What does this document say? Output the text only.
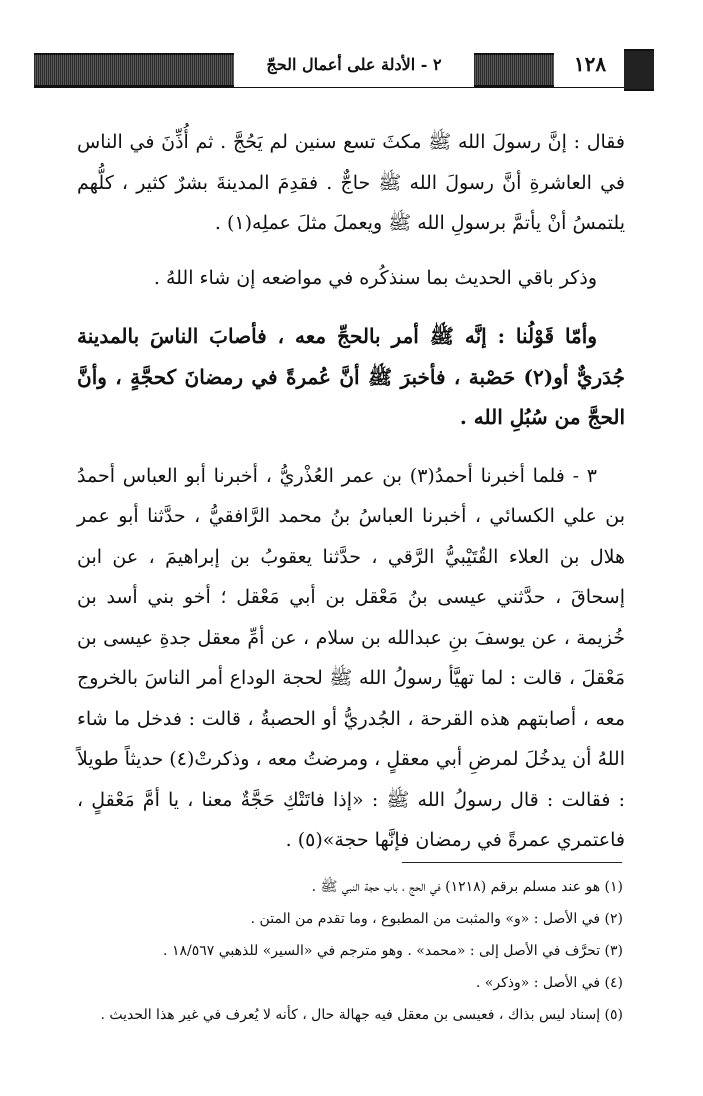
٢ - الأدلة على أعمال الحجّ	١٢٨

فقال : إنَّ رسولَ الله ﷺ مكثَ تسع سنين لم يَحُجَّ . ثم أُذِّنَ في الناس في العاشرةِ أنَّ رسولَ الله ﷺ حاجٌّ . فقدِمَ المدينةَ بشرٌ كثير ، كلُّهم يلتمسُ أنْ يأتمَّ برسولِ الله ﷺ ويعملَ مثلَ عملِه(١) .

وذكر باقي الحديث بما سنذكُره في مواضعه إن شاء اللهُ .

وأمّا قَوْلُنا : إنَّه ﷺ أمر بالحجِّ معه ، فأصابَ الناسَ بالمدينة جُدَريٌّ أو(٢) حَصْبة ، فأخبرَ ﷺ أنَّ عُمرةً في رمضانَ كحجَّةٍ ، وأنَّ الحجَّ من سُبُلِ الله .

٣ - فلما أخبرنا أحمدُ(٣) بن عمر العُذْريُّ ، أخبرنا أبو العباس أحمدُ بن علي الكسائي ، أخبرنا العباسُ بنُ محمد الرَّافقيُّ ، حدَّثنا أبو عمر هلال بن العلاء القُتَيْبيُّ الرَّقي ، حدَّثنا يعقوبُ بن إبراهيمَ ، عن ابن إسحاقَ ، حدَّثني عيسى بنُ مَعْقل بن أبي مَعْقل ؛ أخو بني أسد بن خُزيمة ، عن يوسفَ بنِ عبدالله بن سلام ، عن أمِّ معقل جدةِ عيسى بن مَعْقلَ ، قالت : لما تهيَّأ رسولُ الله ﷺ لحجة الوداع أمر الناسَ بالخروج معه ، أصابتهم هذه القرحة ، الجُدريُّ أو الحصبةُ ، قالت : فدخل ما شاء اللهُ أن يدخُلَ لمرضِ أبي معقلٍ ، ومرضتُ معه ، وذكرتْ(٤) حديثاً طويلاً : فقالت : قال رسولُ الله ﷺ : «إذا فاتَتْكِ حَجَّةٌ معنا ، يا أمَّ مَعْقلٍ ، فاعتمري عمرةً في رمضان فإنَّها حجة»(٥) .

(١) هو عند مسلم برقم (١٢١٨) في الحج ، باب حجة النبي ﷺ .
(٢) في الأصل : «و» والمثبت من المطبوع ، وما تقدم من المتن .
(٣) تحرَّف في الأصل إلى : «محمد» . وهو مترجم في «السير» للذهبي ١٨/٥٦٧ .
(٤) في الأصل : «وذكر» .
(٥) إسناد ليس بذاك ، فعيسى بن معقل فيه جهالة حال ، كأنه لا يُعرف في غير هذا الحديث .
